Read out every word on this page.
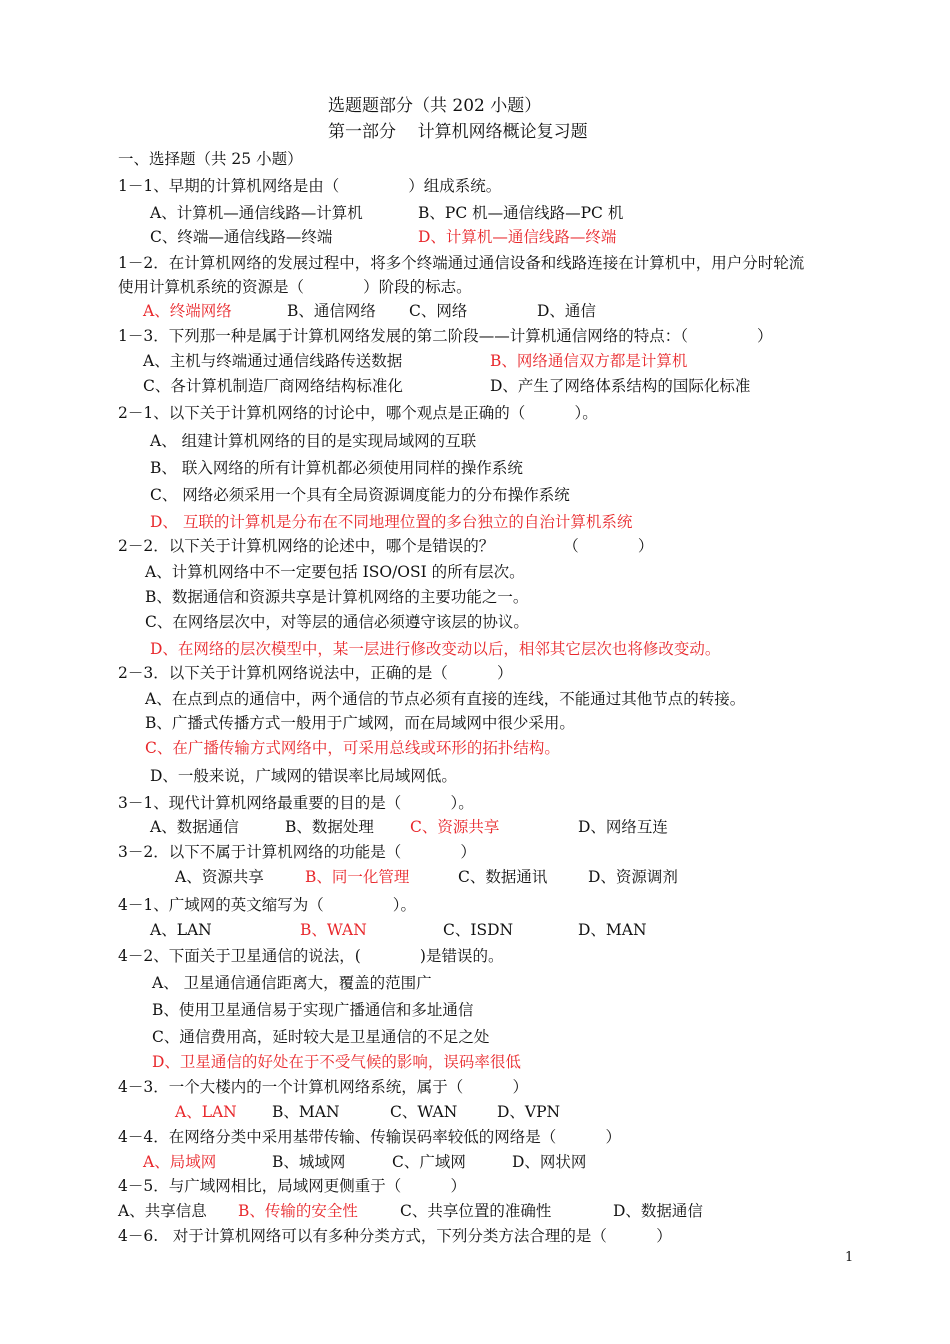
选题题部分（共 202 小题）
第一部分    计算机网络概论复习题
一、选择题（共 25 小题）
1－1、早期的计算机网络是由（              ）组成系统。
A、计算机—通信线路—计算机	B、PC 机—通信线路—PC 机
C、终端—通信线路—终端	D、计算机—通信线路—终端
1－2．在计算机网络的发展过程中，将多个终端通过通信设备和线路连接在计算机中，用户分时轮流
使用计算机系统的资源是（            ）阶段的标志。
A、终端网络	B、通信网络 C、网络	D、通信
1－3．下列那一种是属于计算机网络发展的第二阶段——计算机通信网络的特点：（              ）
A、主机与终端通过通信线路传送数据	B、网络通信双方都是计算机
C、各计算机制造厂商网络结构标准化	D、产生了网络体系结构的国际化标准
2－1、以下关于计算机网络的讨论中，哪个观点是正确的（          ）。
A、 组建计算机网络的目的是实现局域网的互联
B、 联入网络的所有计算机都必须使用同样的操作系统
C、 网络必须采用一个具有全局资源调度能力的分布操作系统
D、 互联的计算机是分布在不同地理位置的多台独立的自治计算机系统
2－2．以下关于计算机网络的论述中，哪个是错误的？              （            ）
A、计算机网络中不一定要包括 ISO/OSI 的所有层次。
B、数据通信和资源共享是计算机网络的主要功能之一。
C、在网络层次中，对等层的通信必须遵守该层的协议。
D、在网络的层次模型中，某一层进行修改变动以后，相邻其它层次也将修改变动。
2－3．以下关于计算机网络说法中，正确的是（          ）
A、在点到点的通信中，两个通信的节点必须有直接的连线，不能通过其他节点的转接。
B、广播式传播方式一般用于广域网，而在局域网中很少采用。
C、在广播传输方式网络中，可采用总线或环形的拓扑结构。
D、一般来说，广域网的错误率比局域网低。
3－1、现代计算机网络最重要的目的是（          ）。
A、数据通信	B、数据处理 C、资源共享	D、网络互连
3－2．以下不属于计算机网络的功能是（            ）
A、资源共享	B、同一化管理	C、数据通讯	D、资源调剂
4－1、广域网的英文缩写为（              ）。
A、LAN	B、WAN	C、ISDN	D、MAN
4－2、下面关于卫星通信的说法，(            )是错误的。
A、 卫星通信通信距离大，覆盖的范围广
B、使用卫星通信易于实现广播通信和多址通信
C、通信费用高，延时较大是卫星通信的不足之处
D、卫星通信的好处在于不受气候的影响，误码率很低
4－3．一个大楼内的一个计算机网络系统，属于（          ）
A、LAN B、MAN	C、WAN	D、VPN
4－4．在网络分类中采用基带传输、传输误码率较低的网络是（          ）
A、局域网	B、城域网	C、广域网	D、网状网
4－5．与广域网相比，局域网更侧重于（          ）
A、共享信息 B、传输的安全性	C、共享位置的准确性	D、数据通信
4－6.   对于计算机网络可以有多种分类方式，下列分类方法合理的是（          ）
1
